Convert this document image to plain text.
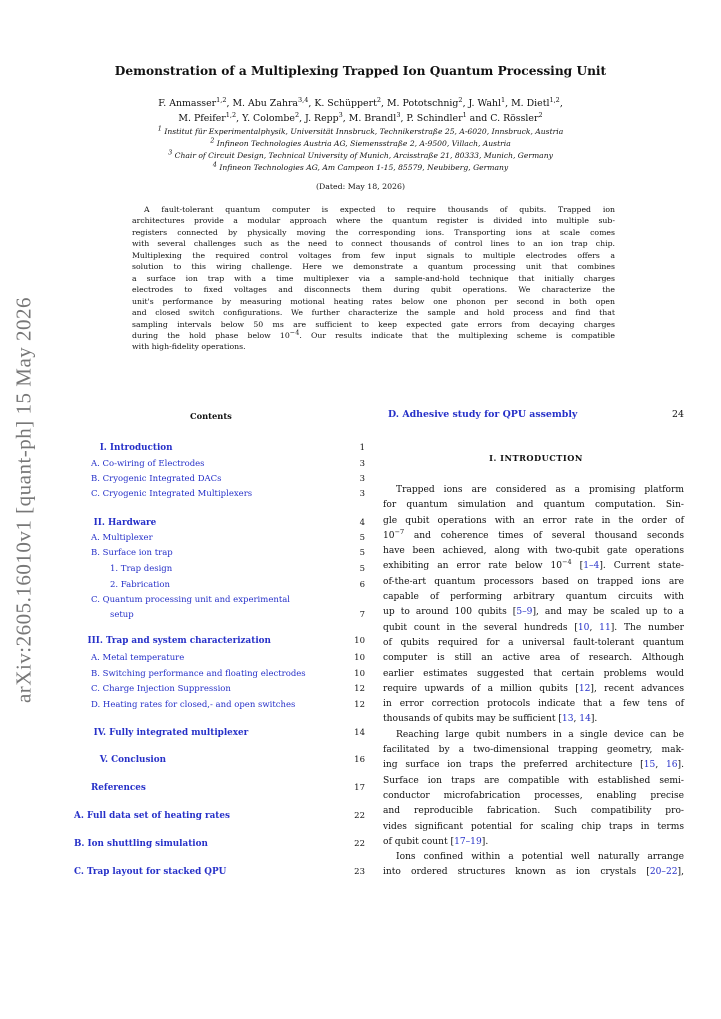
arXiv:2605.16010v1 [quant-ph] 15 May 2026
Demonstration of a Multiplexing Trapped Ion Quantum Processing Unit
F. Anmasser$^{1,2}$, M. Abu Zahra$^{3,4}$, K. Schüppert$^2$, M. Pototschnig$^2$, J. Wahl$^1$, M. Dietl$^{1,2}$,
M. Pfeifer$^{1,2}$, Y. Colombe$^2$, J. Repp$^3$, M. Brandl$^3$, P. Schindler$^1$ and C. Rössler$^2$
$^1$ Institut für Experimentalphysik, Universität Innsbruck, Technikerstraße 25, A-6020, Innsbruck, Austria
$^2$ Infineon Technologies Austria AG, Siemensstraße 2, A-9500, Villach, Austria
$^3$ Chair of Circuit Design, Technical University of Munich, Arcisstraße 21, 80333, Munich, Germany
$^4$ Infineon Technologies AG, Am Campeon 1-15, 85579, Neubiberg, Germany
(Dated: May 18, 2026)
A fault-tolerant quantum computer is expected to require thousands of qubits. Trapped ion
architectures provide a modular approach where the quantum register is divided into multiple sub-
registers connected by physically moving the corresponding ions. Transporting ions at scale comes
with several challenges such as the need to connect thousands of control lines to an ion trap chip.
Multiplexing the required control voltages from few input signals to multiple electrodes offers a
solution to this wiring challenge. Here we demonstrate a quantum processing unit that combines
a surface ion trap with a time multiplexer via a sample-and-hold technique that initially charges
electrodes to fixed voltages and disconnects them during qubit operations. We characterize the
unit's performance by measuring motional heating rates below one phonon per second in both open
and closed switch configurations. We further characterize the sample and hold process and find that
sampling intervals below 50 ms are sufficient to keep expected gate errors from decaying charges
during the hold phase below $10^{-4}$. Our results indicate that the multiplexing scheme is compatible
with high-fidelity operations.
Contents
I. Introduction	1
A. Co-wiring of Electrodes	3
B. Cryogenic Integrated DACs	3
C. Cryogenic Integrated Multiplexers	3
II. Hardware	4
A. Multiplexer	5
B. Surface ion trap	5
1. Trap design	5
2. Fabrication	6
C. Quantum processing unit and experimental
setup	7
III. Trap and system characterization	10
A. Metal temperature	10
B. Switching performance and floating electrodes	10
C. Charge Injection Suppression	12
D. Heating rates for closed,- and open switches	12
IV. Fully integrated multiplexer	14
V. Conclusion	16
References	17
A. Full data set of heating rates	22
B. Ion shuttling simulation	22
C. Trap layout for stacked QPU	23
D. Adhesive study for QPU assembly	24
I. INTRODUCTION
Trapped ions are considered as a promising platform
for quantum simulation and quantum computation. Sin-
gle qubit operations with an error rate in the order of
$10^{-7}$ and coherence times of several thousand seconds
have been achieved, along with two-qubit gate operations
exhibiting an error rate below $10^{-4}$ [1–4]. Current state-
of-the-art quantum processors based on trapped ions are
capable of performing arbitrary quantum circuits with
up to around 100 qubits [5–9], and may be scaled up to a
qubit count in the several hundreds [10, 11]. The number
of qubits required for a universal fault-tolerant quantum
computer is still an active area of research. Although
earlier estimates suggested that certain problems would
require upwards of a million qubits [12], recent advances
in error correction protocols indicate that a few tens of
thousands of qubits may be sufficient [13, 14].
Reaching large qubit numbers in a single device can be
facilitated by a two-dimensional trapping geometry, mak-
ing surface ion traps the preferred architecture [15, 16].
Surface ion traps are compatible with established semi-
conductor microfabrication processes, enabling precise
and reproducible fabrication. Such compatibility pro-
vides significant potential for scaling chip traps in terms
of qubit count [17–19].
Ions confined within a potential well naturally arrange
into ordered structures known as ion crystals [20–22],
